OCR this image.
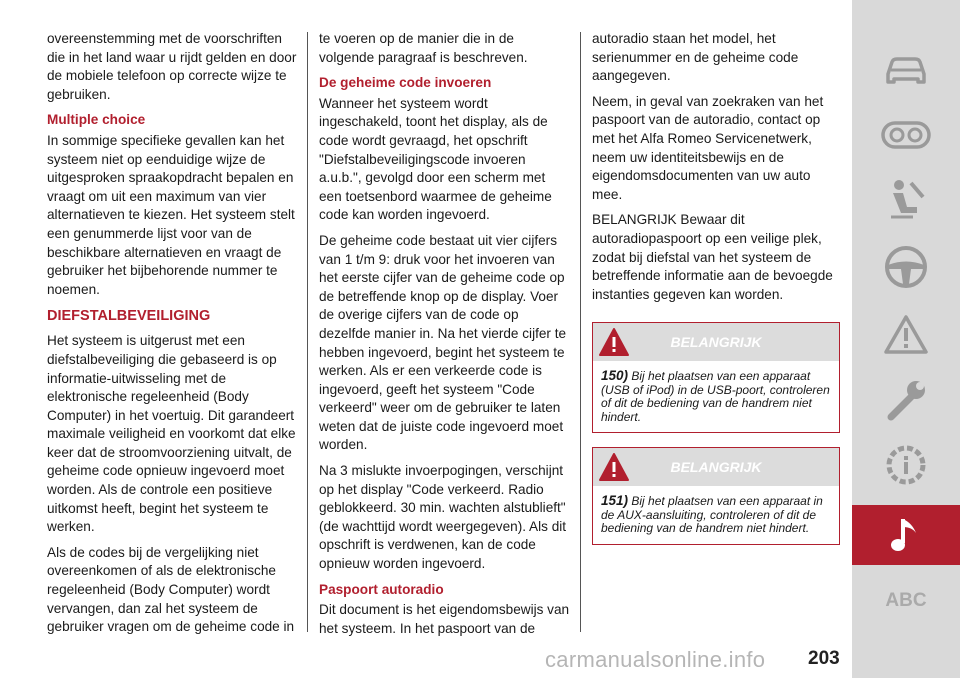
overeenstemming met de voorschriften die in het land waar u rijdt gelden en door de mobiele telefoon op correcte wijze te gebruiken.

Multiple choice

In sommige specifieke gevallen kan het systeem niet op eenduidige wijze de uitgesproken spraakopdracht bepalen en vraagt om uit een maximum van vier alternatieven te kiezen. Het systeem stelt een genummerde lijst voor van de beschikbare alternatieven en vraagt de gebruiker het bijbehorende nummer te noemen.

DIEFSTALBEVEILIGING

Het systeem is uitgerust met een diefstalbeveiliging die gebaseerd is op informatie-uitwisseling met de elektronische regeleenheid (Body Computer) in het voertuig. Dit garandeert maximale veiligheid en voorkomt dat elke keer dat de stroomvoorziening uitvalt, de geheime code opnieuw ingevoerd moet worden. Als de controle een positieve uitkomst heeft, begint het systeem te werken.

Als de codes bij de vergelijking niet overeenkomen of als de elektronische regeleenheid (Body Computer) wordt vervangen, dan zal het systeem de gebruiker vragen om de geheime code in

te voeren op de manier die in de volgende paragraaf is beschreven.

De geheime code invoeren

Wanneer het systeem wordt ingeschakeld, toont het display, als de code wordt gevraagd, het opschrift "Diefstalbeveiligingscode invoeren a.u.b.", gevolgd door een scherm met een toetsenbord waarmee de geheime code kan worden ingevoerd.

De geheime code bestaat uit vier cijfers van 1 t/m 9: druk voor het invoeren van het eerste cijfer van de geheime code op de betreffende knop op de display. Voer de overige cijfers van de code op dezelfde manier in. Na het vierde cijfer te hebben ingevoerd, begint het systeem te werken. Als er een verkeerde code is ingevoerd, geeft het systeem "Code verkeerd" weer om de gebruiker te laten weten dat de juiste code ingevoerd moet worden.

Na 3 mislukte invoerpogingen, verschijnt op het display "Code verkeerd. Radio geblokkeerd. 30 min. wachten alstublieft" (de wachttijd wordt weergegeven). Als dit opschrift is verdwenen, kan de code opnieuw worden ingevoerd.

Paspoort autoradio

Dit document is het eigendomsbewijs van het systeem. In het paspoort van de

autoradio staan het model, het serienummer en de geheime code aangegeven.

Neem, in geval van zoekraken van het paspoort van de autoradio, contact op met het Alfa Romeo Servicenetwerk, neem uw identiteitsbewijs en de eigendomsdocumenten van uw auto mee.

BELANGRIJK Bewaar dit autoradiopaspoort op een veilige plek, zodat bij diefstal van het systeem de betreffende informatie aan de bevoegde instanties gegeven kan worden.

BELANGRIJK
150) Bij het plaatsen van een apparaat (USB of iPod) in de USB-poort, controleren of dit de bediening van de handrem niet hindert.
BELANGRIJK
151) Bij het plaatsen van een apparaat in de AUX-aansluiting, controleren of dit de bediening van de handrem niet hindert.
ABC
203
carmanualsonline.info
